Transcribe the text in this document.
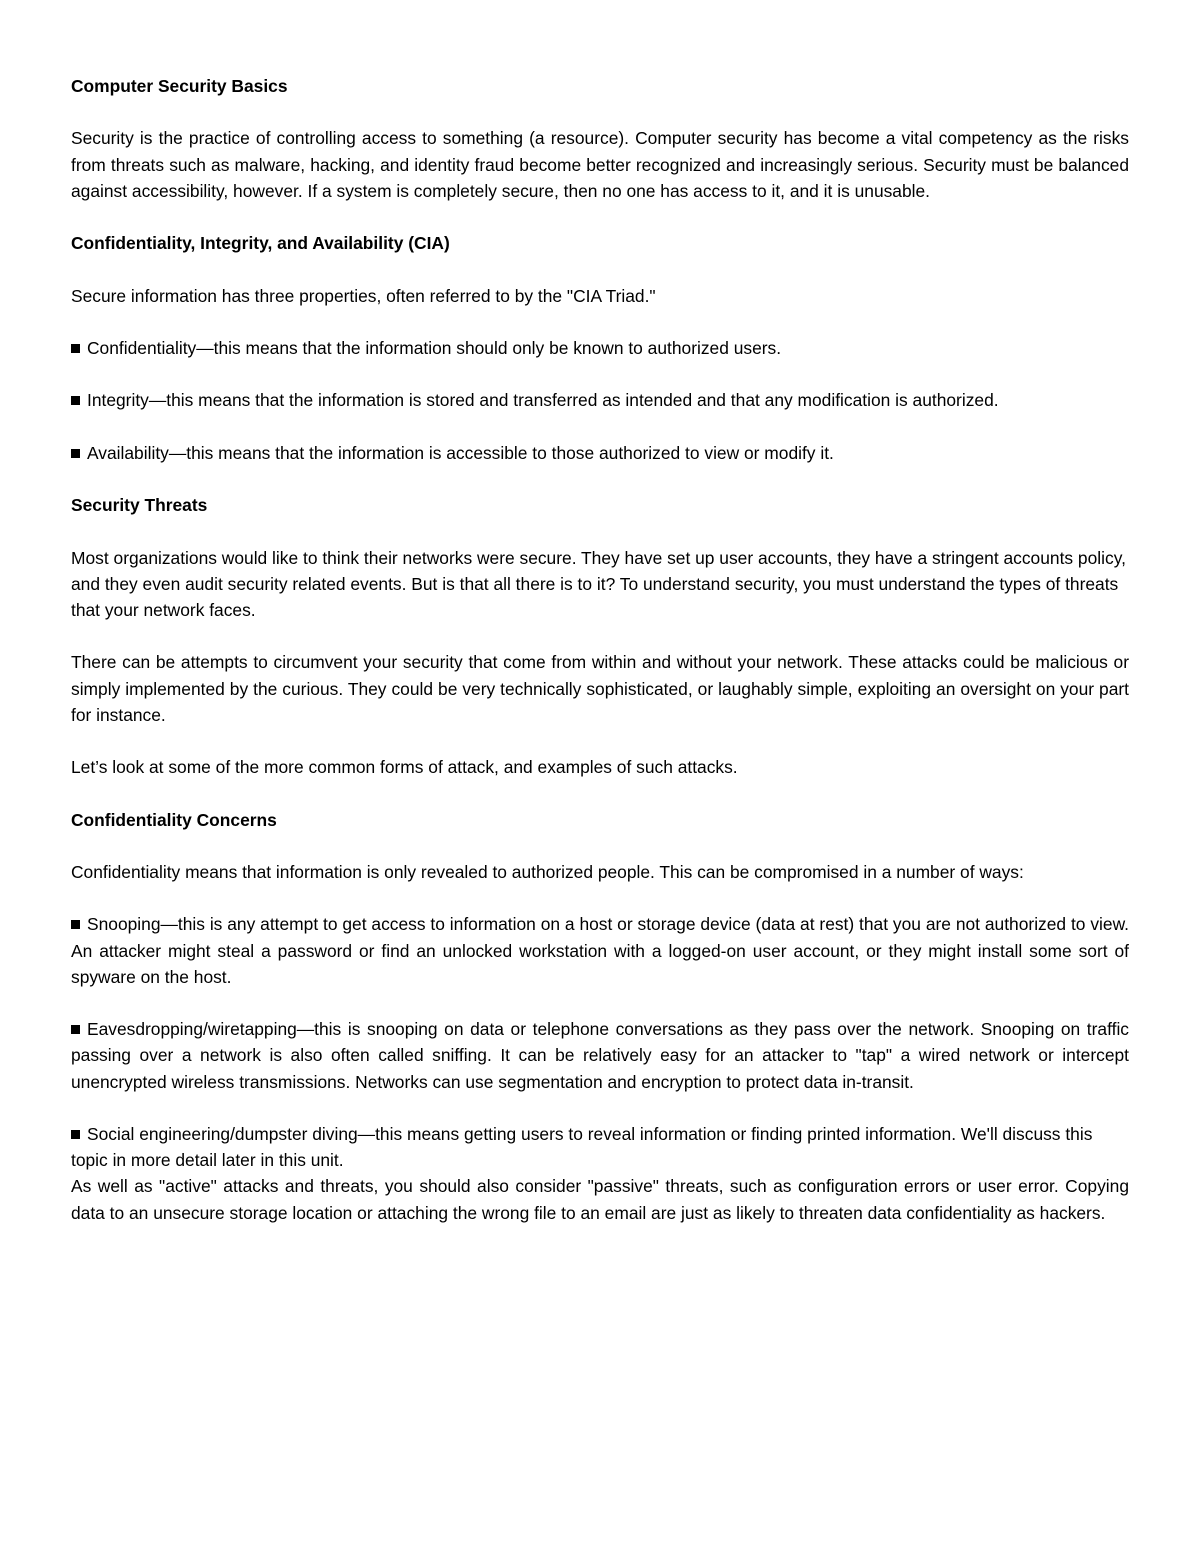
Computer Security Basics
Security is the practice of controlling access to something (a resource). Computer security has become a vital competency as the risks from threats such as malware, hacking, and identity fraud become better recognized and increasingly serious. Security must be balanced against accessibility, however. If a system is completely secure, then no one has access to it, and it is unusable.
Confidentiality, Integrity, and Availability (CIA)
Secure information has three properties, often referred to by the "CIA Triad."
Confidentiality—this means that the information should only be known to authorized users.
Integrity—this means that the information is stored and transferred as intended and that any modification is authorized.
Availability—this means that the information is accessible to those authorized to view or modify it.
Security Threats
Most organizations would like to think their networks were secure. They have set up user accounts, they have a stringent accounts policy, and they even audit security related events. But is that all there is to it? To understand security, you must understand the types of threats that your network faces.
There can be attempts to circumvent your security that come from within and without your network. These attacks could be malicious or simply implemented by the curious. They could be very technically sophisticated, or laughably simple, exploiting an oversight on your part for instance.
Let’s look at some of the more common forms of attack, and examples of such attacks.
Confidentiality Concerns
Confidentiality means that information is only revealed to authorized people. This can be compromised in a number of ways:
Snooping—this is any attempt to get access to information on a host or storage device (data at rest) that you are not authorized to view. An attacker might steal a password or find an unlocked workstation with a logged-on user account, or they might install some sort of spyware on the host.
Eavesdropping/wiretapping—this is snooping on data or telephone conversations as they pass over the network. Snooping on traffic passing over a network is also often called sniffing. It can be relatively easy for an attacker to "tap" a wired network or intercept unencrypted wireless transmissions. Networks can use segmentation and encryption to protect data in-transit.
Social engineering/dumpster diving—this means getting users to reveal information or finding printed information. We'll discuss this topic in more detail later in this unit.
As well as "active" attacks and threats, you should also consider "passive" threats, such as configuration errors or user error. Copying data to an unsecure storage location or attaching the wrong file to an email are just as likely to threaten data confidentiality as hackers.
